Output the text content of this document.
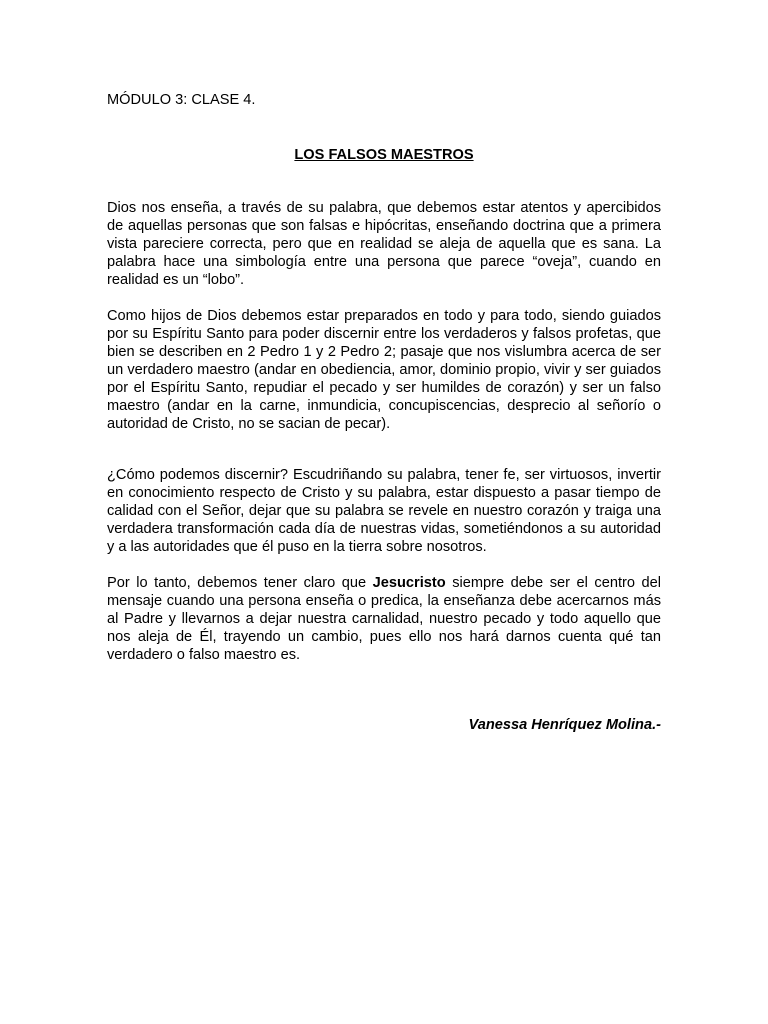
MÓDULO 3: CLASE 4.
LOS FALSOS MAESTROS

Dios nos enseña, a través de su palabra, que debemos estar atentos y apercibidos de aquellas personas que son falsas e hipócritas, enseñando doctrina que a primera vista pareciere correcta, pero que en realidad se aleja de aquella que es sana. La palabra hace una simbología entre una persona que parece “oveja”, cuando en realidad es un “lobo”.

Como hijos de Dios debemos estar preparados en todo y para todo, siendo guiados por su Espíritu Santo para poder discernir entre los verdaderos y falsos profetas, que bien se describen en 2 Pedro 1 y 2 Pedro 2; pasaje que nos vislumbra acerca de ser un verdadero maestro (andar en obediencia, amor, dominio propio, vivir y ser guiados por el Espíritu Santo, repudiar el pecado y ser humildes de corazón) y ser un falso maestro (andar en la carne, inmundicia, concupiscencias, desprecio al señorío o autoridad de Cristo, no se sacian de pecar).

¿Cómo podemos discernir? Escudriñando su palabra, tener fe, ser virtuosos, invertir en conocimiento respecto de Cristo y su palabra, estar dispuesto a pasar tiempo de calidad con el Señor, dejar que su palabra se revele en nuestro corazón y traiga una verdadera transformación cada día de nuestras vidas, sometiéndonos a su autoridad y a las autoridades que él puso en la tierra sobre nosotros.

Por lo tanto, debemos tener claro que Jesucristo siempre debe ser el centro del mensaje cuando una persona enseña o predica, la enseñanza debe acercarnos más al Padre y llevarnos a dejar nuestra carnalidad, nuestro pecado y todo aquello que nos aleja de Él, trayendo un cambio, pues ello nos hará darnos cuenta qué tan verdadero o falso maestro es.

Vanessa Henríquez Molina.-
